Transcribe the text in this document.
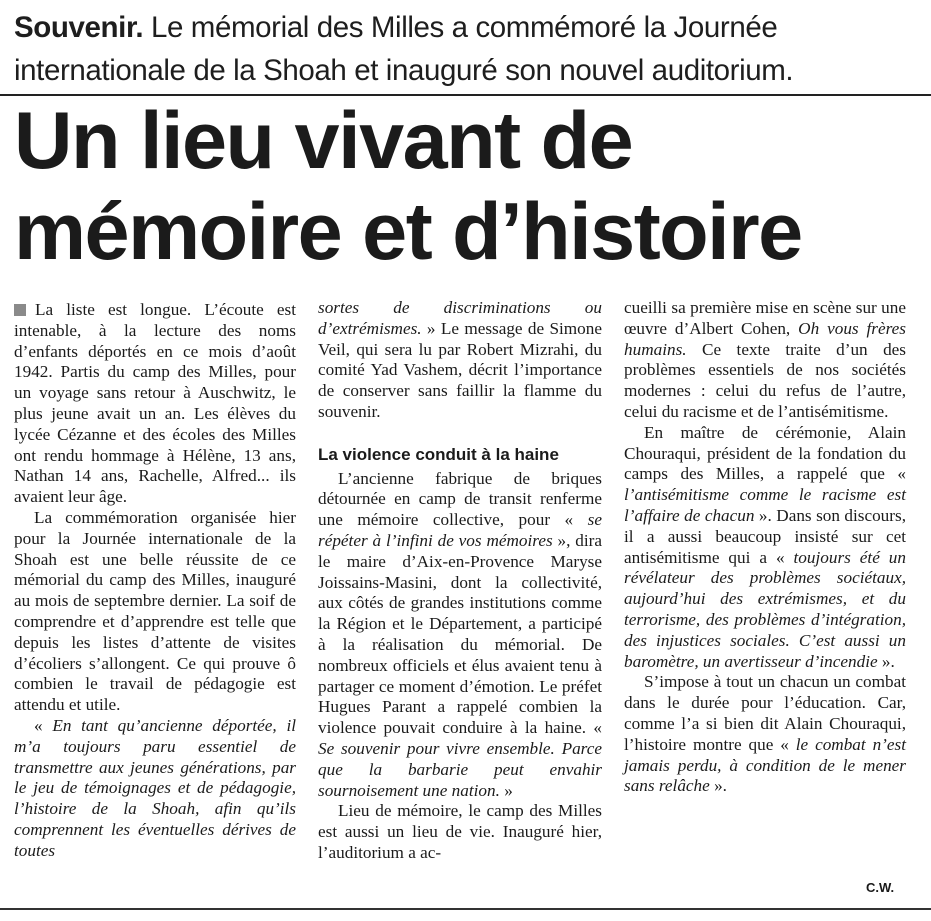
Souvenir. Le mémorial des Milles a commémoré la Journée
internationale de la Shoah et inauguré son nouvel auditorium.
Un lieu vivant de
mémoire et d’histoire

La liste est longue. L’écoute est intenable, à la lecture des noms d’enfants déportés en ce mois d’août 1942. Partis du camp des Milles, pour un voyage sans retour à Auschwitz, le plus jeune avait un an. Les élèves du lycée Cézanne et des écoles des Milles ont rendu hommage à Hélène, 13 ans, Nathan 14 ans, Rachelle, Alfred... ils avaient leur âge.

La commémoration organisée hier pour la Journée internationale de la Shoah est une belle réussite de ce mémorial du camp des Milles, inauguré au mois de septembre dernier. La soif de comprendre et d’apprendre est telle que depuis les listes d’attente de visites d’écoliers s’allongent. Ce qui prouve ô combien le travail de pédagogie est attendu et utile.

« En tant qu’ancienne déportée, il m’a toujours paru essentiel de transmettre aux jeunes générations, par le jeu de témoignages et de pédagogie, l’histoire de la Shoah, afin qu’ils comprennent les éventuelles dérives de toutes

sortes de discriminations ou d’extrémismes. » Le message de Simone Veil, qui sera lu par Robert Mizrahi, du comité Yad Vashem, décrit l’importance de conserver sans faillir la flamme du souvenir.

La violence conduit à la haine

L’ancienne fabrique de briques détournée en camp de transit renferme une mémoire collective, pour « se répéter à l’infini de vos mémoires », dira le maire d’Aix-en-Provence Maryse Joissains-Masini, dont la collectivité, aux côtés de grandes institutions comme la Région et le Département, a participé à la réalisation du mémorial. De nombreux officiels et élus avaient tenu à partager ce moment d’émotion. Le préfet Hugues Parant a rappelé combien la violence pouvait conduire à la haine. « Se souvenir pour vivre ensemble. Parce que la barbarie peut envahir sournoisement une nation. »

Lieu de mémoire, le camp des Milles est aussi un lieu de vie. Inauguré hier, l’auditorium a ac-

cueilli sa première mise en scène sur une œuvre d’Albert Cohen, Oh vous frères humains. Ce texte traite d’un des problèmes essentiels de nos sociétés modernes : celui du refus de l’autre, celui du racisme et de l’antisémitisme.

En maître de cérémonie, Alain Chouraqui, président de la fondation du camps des Milles, a rappelé que « l’antisémitisme comme le racisme est l’affaire de chacun ». Dans son discours, il a aussi beaucoup insisté sur cet antisémitisme qui a « toujours été un révélateur des problèmes sociétaux, aujourd’hui des extrémismes, et du terrorisme, des problèmes d’intégration, des injustices sociales. C’est aussi un baromètre, un avertisseur d’incendie ».

S’impose à tout un chacun un combat dans le durée pour l’éducation. Car, comme l’a si bien dit Alain Chouraqui, l’histoire montre que « le combat n’est jamais perdu, à condition de le mener sans relâche ».

C.W.
